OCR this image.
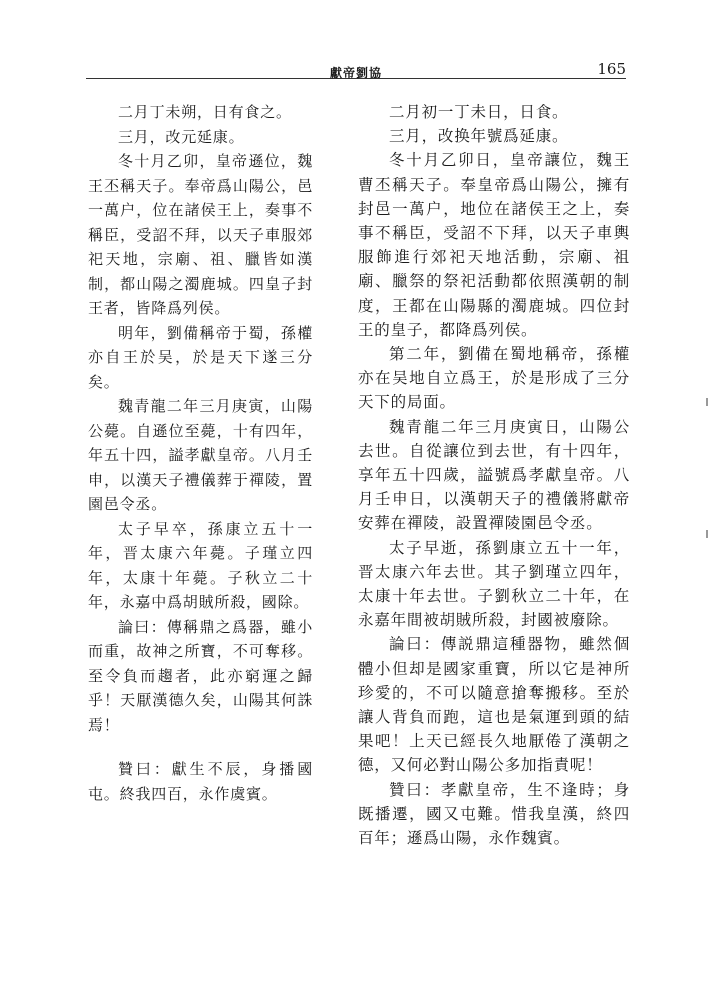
獻帝劉協	165

二月丁未朔，日有食之。

三月，改元延康。

冬十月乙卯，皇帝遜位，魏王丕稱天子。奉帝爲山陽公，邑一萬户，位在諸侯王上，奏事不稱臣，受詔不拜，以天子車服郊祀天地，宗廟、祖、臘皆如漢制，都山陽之濁鹿城。四皇子封王者，皆降爲列侯。

明年，劉備稱帝于蜀，孫權亦自王於吴，於是天下遂三分矣。

魏青龍二年三月庚寅，山陽公薨。自遜位至薨，十有四年，年五十四，謚孝獻皇帝。八月壬申，以漢天子禮儀葬于禪陵，置園邑令丞。

太子早卒，孫康立五十一年，晋太康六年薨。子瑾立四年，太康十年薨。子秋立二十年，永嘉中爲胡賊所殺，國除。

論曰：傳稱鼎之爲器，雖小而重，故神之所寶，不可奪移。至令負而趨者，此亦窮運之歸乎！天厭漢德久矣，山陽其何誅焉！

贊曰：獻生不辰，身播國屯。終我四百，永作虞賓。

二月初一丁未日，日食。

三月，改换年號爲延康。

冬十月乙卯日，皇帝讓位，魏王曹丕稱天子。奉皇帝爲山陽公，擁有封邑一萬户，地位在諸侯王之上，奏事不稱臣，受詔不下拜，以天子車輿服飾進行郊祀天地活動，宗廟、祖廟、臘祭的祭祀活動都依照漢朝的制度，王都在山陽縣的濁鹿城。四位封王的皇子，都降爲列侯。

第二年，劉備在蜀地稱帝，孫權亦在吴地自立爲王，於是形成了三分天下的局面。

魏青龍二年三月庚寅日，山陽公去世。自從讓位到去世，有十四年，享年五十四歲，謚號爲孝獻皇帝。八月壬申日，以漢朝天子的禮儀將獻帝安葬在禪陵，設置禪陵園邑令丞。

太子早逝，孫劉康立五十一年，晋太康六年去世。其子劉瑾立四年，太康十年去世。子劉秋立二十年，在永嘉年間被胡賊所殺，封國被廢除。

論曰：傳説鼎這種器物，雖然個體小但却是國家重寶，所以它是神所珍愛的，不可以隨意搶奪搬移。至於讓人背負而跑，這也是氣運到頭的結果吧！上天已經長久地厭倦了漢朝之德，又何必對山陽公多加指責呢！

贊曰：孝獻皇帝，生不逢時；身既播遷，國又屯難。惜我皇漢，終四百年；遜爲山陽，永作魏賓。
